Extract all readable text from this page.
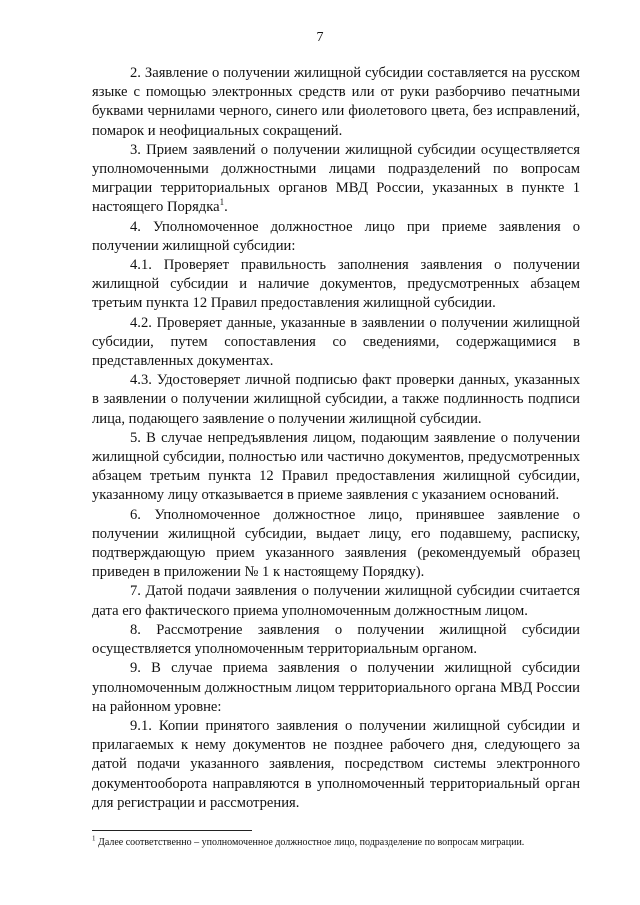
7

2. Заявление о получении жилищной субсидии составляется на русском языке с помощью электронных средств или от руки разборчиво печатными буквами чернилами черного, синего или фиолетового цвета, без исправлений, помарок и неофициальных сокращений.

3. Прием заявлений о получении жилищной субсидии осуществляется уполномоченными должностными лицами подразделений по вопросам миграции территориальных органов МВД России, указанных в пункте 1 настоящего Порядка$^1$.

4. Уполномоченное должностное лицо при приеме заявления о получении жилищной субсидии:

4.1. Проверяет правильность заполнения заявления о получении жилищной субсидии и наличие документов, предусмотренных абзацем третьим пункта 12 Правил предоставления жилищной субсидии.

4.2. Проверяет данные, указанные в заявлении о получении жилищной субсидии, путем сопоставления со сведениями, содержащимися в представленных документах.

4.3. Удостоверяет личной подписью факт проверки данных, указанных в заявлении о получении жилищной субсидии, а также подлинность подписи лица, подающего заявление о получении жилищной субсидии.

5. В случае непредъявления лицом, подающим заявление о получении жилищной субсидии, полностью или частично документов, предусмотренных абзацем третьим пункта 12 Правил предоставления жилищной субсидии, указанному лицу отказывается в приеме заявления с указанием оснований.

6. Уполномоченное должностное лицо, принявшее заявление о получении жилищной субсидии, выдает лицу, его подавшему, расписку, подтверждающую прием указанного заявления (рекомендуемый образец приведен в приложении № 1 к настоящему Порядку).

7. Датой подачи заявления о получении жилищной субсидии считается дата его фактического приема уполномоченным должностным лицом.

8. Рассмотрение заявления о получении жилищной субсидии осуществляется уполномоченным территориальным органом.

9. В случае приема заявления о получении жилищной субсидии уполномоченным должностным лицом территориального органа МВД России на районном уровне:

9.1. Копии принятого заявления о получении жилищной субсидии и прилагаемых к нему документов не позднее рабочего дня, следующего за датой подачи указанного заявления, посредством системы электронного документооборота направляются в уполномоченный территориальный орган для регистрации и рассмотрения.

$^1$ Далее соответственно – уполномоченное должностное лицо, подразделение по вопросам миграции.
